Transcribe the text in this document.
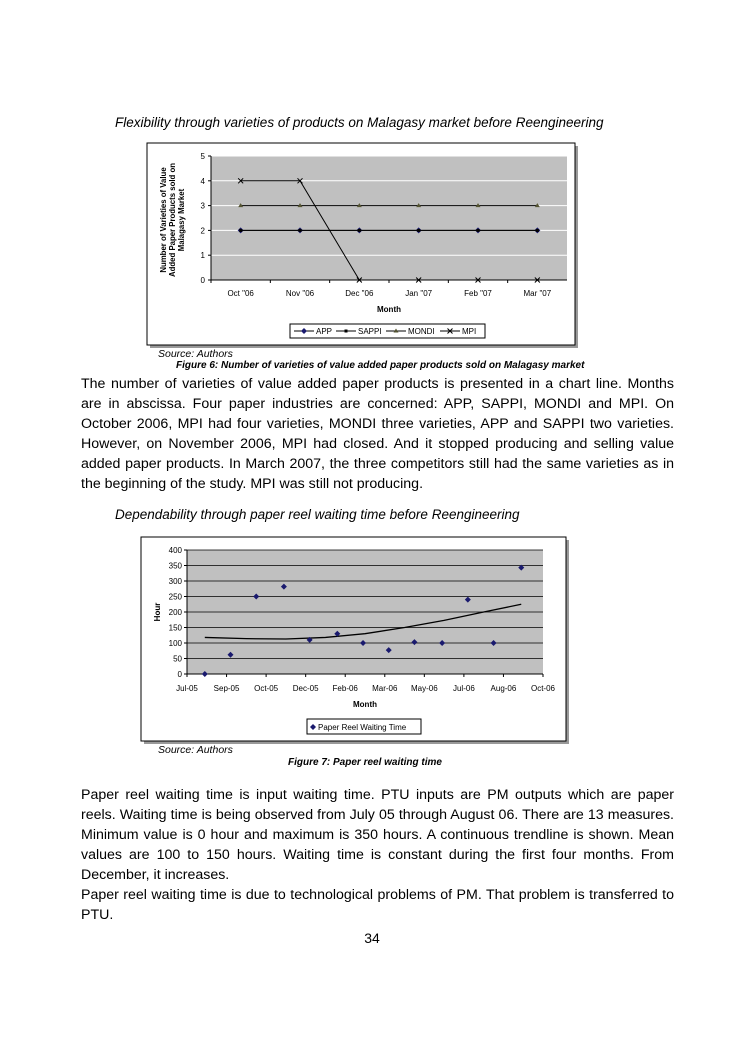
Flexibility through varieties of products on Malagasy market before Reengineering
0
1
2
3
4
5
Oct "06	Nov "06	Dec "06	Jan "07	Feb "07	Mar "07
Month
Number of Varieties of ValueAdded Paper Products sold onMalagasy Market
APP	SAPPI	MONDI	MPI
0
50
100
150
200
250
300
350
400
Jul-05 Sep-05 Oct-05 Dec-05 Feb-06 Mar-06 May-06 Jul-06 Aug-06 Oct-06
Month
Hour
Paper Reel Waiting Time
Source: Authors
Figure 6: Number of varieties of value added paper products sold on Malagasy market
The number of varieties of value added paper products is presented in a chart line. Months are in abscissa. Four paper industries are concerned: APP, SAPPI, MONDI and MPI. On October 2006, MPI had four varieties, MONDI three varieties, APP and SAPPI two varieties. However, on November 2006, MPI had closed. And it stopped producing and selling value added paper products. In March 2007, the three competitors still had the same varieties as in the beginning of the study. MPI was still not producing.
Dependability through paper reel waiting time before Reengineering
Source: Authors
Figure 7: Paper reel waiting time
Paper reel waiting time is input waiting time. PTU inputs are PM outputs which are paper reels. Waiting time is being observed from July 05 through August 06. There are 13 measures. Minimum value is 0 hour and maximum is 350 hours. A continuous trendline is shown. Mean values are 100 to 150 hours. Waiting time is constant during the first four months. From December, it increases.
Paper reel waiting time is due to technological problems of PM. That problem is transferred to PTU.
34
